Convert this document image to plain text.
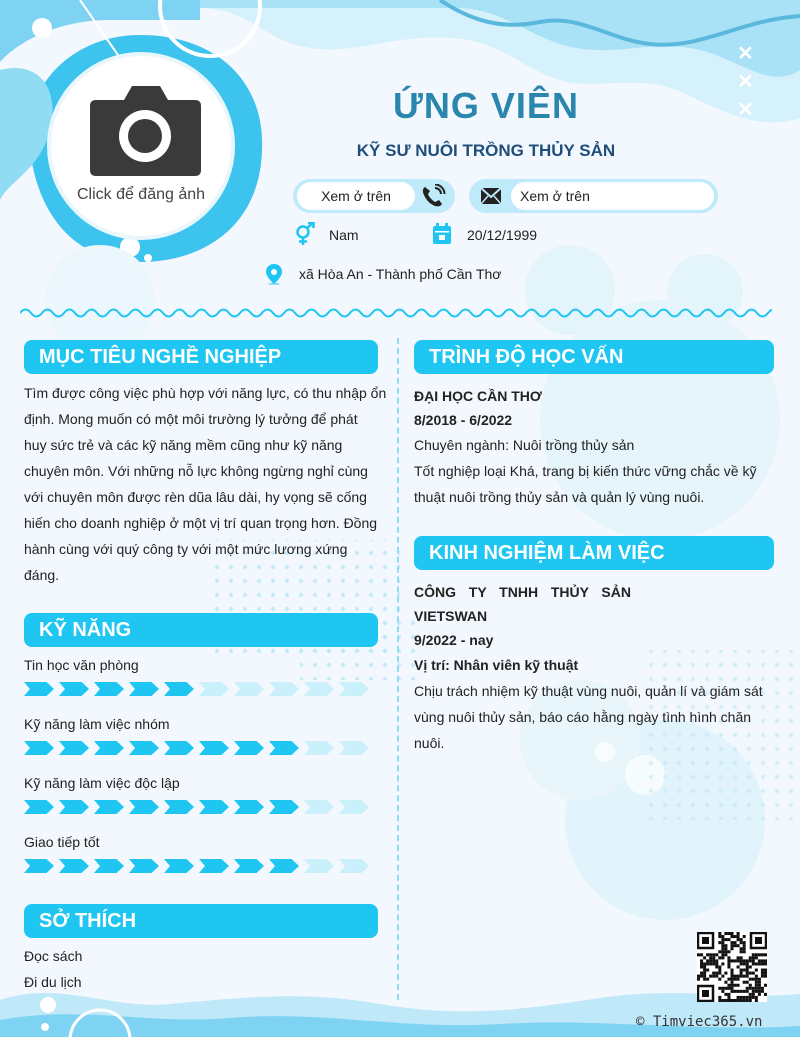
Click để đăng ảnh
✕
✕
✕
ỨNG VIÊN
KỸ SƯ NUÔI TRỒNG THỦY SẢN
Xem ở trên	Xem ở trên
Nam	20/12/1999
xã Hòa An - Thành phố Cần Thơ
MỤC TIÊU NGHỀ NGHIỆP
Tìm được công việc phù hợp với năng lực, có thu nhập ổn
định. Mong muốn có một môi trường lý tưởng để phát
huy sức trẻ và các kỹ năng mềm cũng như kỹ năng
chuyên môn. Với những nỗ lực không ngừng nghỉ cùng
với chuyên môn được rèn dũa lâu dài, hy vọng sẽ cống
hiến cho doanh nghiệp ở một vị trí quan trọng hơn. Đồng
hành cùng với quý công ty với một mức lương xứng
đáng.
KỸ NĂNG
Tin học văn phòng
Kỹ năng làm việc nhóm
Kỹ năng làm việc độc lập
Giao tiếp tốt
SỞ THÍCH
Đọc sách
Đi du lịch
TRÌNH ĐỘ HỌC VẤN
ĐẠI HỌC CẦN THƠ
8/2018 - 6/2022
Chuyên ngành: Nuôi trồng thủy sản
Tốt nghiệp loại Khá, trang bị kiến thức vững chắc về kỹ
thuật nuôi trồng thủy sản và quản lý vùng nuôi.
KINH NGHIỆM LÀM VIỆC
CÔNG TY TNHH THỦY SẢN
VIETSWAN
9/2022 - nay
Vị trí: Nhân viên kỹ thuật
Chịu trách nhiệm kỹ thuật vùng nuôi, quản lí và giám sát
vùng nuôi thủy sản, báo cáo hằng ngày tình hình chăn
nuôi.
© Timviec365.vn
